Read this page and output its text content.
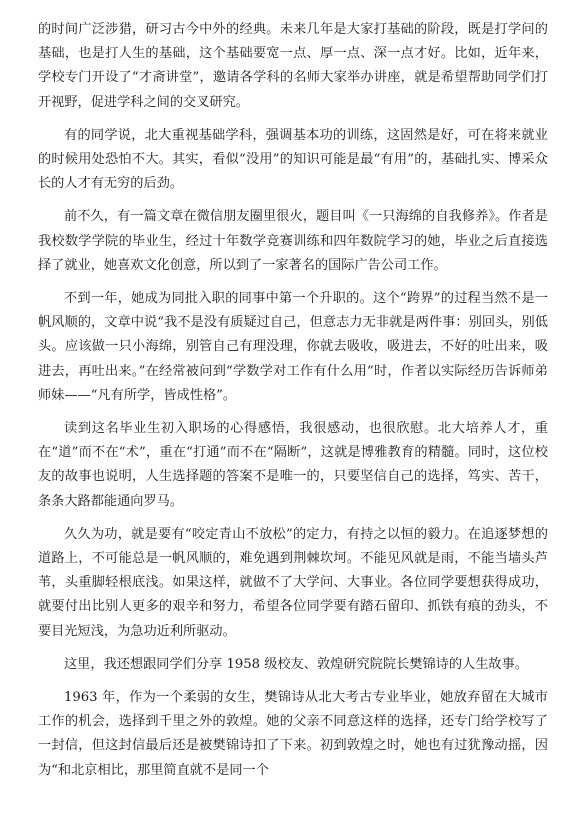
的时间广泛涉猎，研习古今中外的经典。未来几年是大家打基础的阶段，既是打学问的基础，也是打人生的基础，这个基础要宽一点、厚一点、深一点才好。比如，近年来，学校专门开设了“才斋讲堂”，邀请各学科的名师大家举办讲座，就是希望帮助同学们打开视野，促进学科之间的交叉研究。

有的同学说，北大重视基础学科，强调基本功的训练，这固然是好，可在将来就业的时候用处恐怕不大。其实，看似“没用”的知识可能是最“有用”的，基础扎实、博采众长的人才有无穷的后劲。

前不久，有一篇文章在微信朋友圈里很火，题目叫《一只海绵的自我修养》。作者是我校数学学院的毕业生，经过十年数学竞赛训练和四年数院学习的她，毕业之后直接选择了就业，她喜欢文化创意，所以到了一家著名的国际广告公司工作。

不到一年，她成为同批入职的同事中第一个升职的。这个“跨界”的过程当然不是一帆风顺的，文章中说“我不是没有质疑过自己，但意志力无非就是两件事：别回头，别低头。应该做一只小海绵，别管自己有理没理，你就去吸收，吸进去，不好的吐出来，吸进去，再吐出来。”在经常被问到“学数学对工作有什么用”时，作者以实际经历告诉师弟师妹——“凡有所学，皆成性格”。

读到这名毕业生初入职场的心得感悟，我很感动，也很欣慰。北大培养人才，重在“道”而不在“术”，重在“打通”而不在“隔断”，这就是博雅教育的精髓。同时，这位校友的故事也说明，人生选择题的答案不是唯一的，只要坚信自己的选择，笃实、苦干，条条大路都能通向罗马。

久久为功，就是要有“咬定青山不放松”的定力，有持之以恒的毅力。在追逐梦想的道路上，不可能总是一帆风顺的，难免遇到荆棘坎坷。不能见风就是雨，不能当墙头芦苇，头重脚轻根底浅。如果这样，就做不了大学问、大事业。各位同学要想获得成功，就要付出比别人更多的艰辛和努力，希望各位同学要有踏石留印、抓铁有痕的劲头，不要目光短浅，为急功近利所驱动。

这里，我还想跟同学们分享 1958 级校友、敦煌研究院院长樊锦诗的人生故事。

1963 年，作为一个柔弱的女生，樊锦诗从北大考古专业毕业，她放弃留在大城市工作的机会，选择到千里之外的敦煌。她的父亲不同意这样的选择，还专门给学校写了一封信，但这封信最后还是被樊锦诗扣了下来。初到敦煌之时，她也有过犹豫动摇，因为“和北京相比，那里简直就不是同一个
